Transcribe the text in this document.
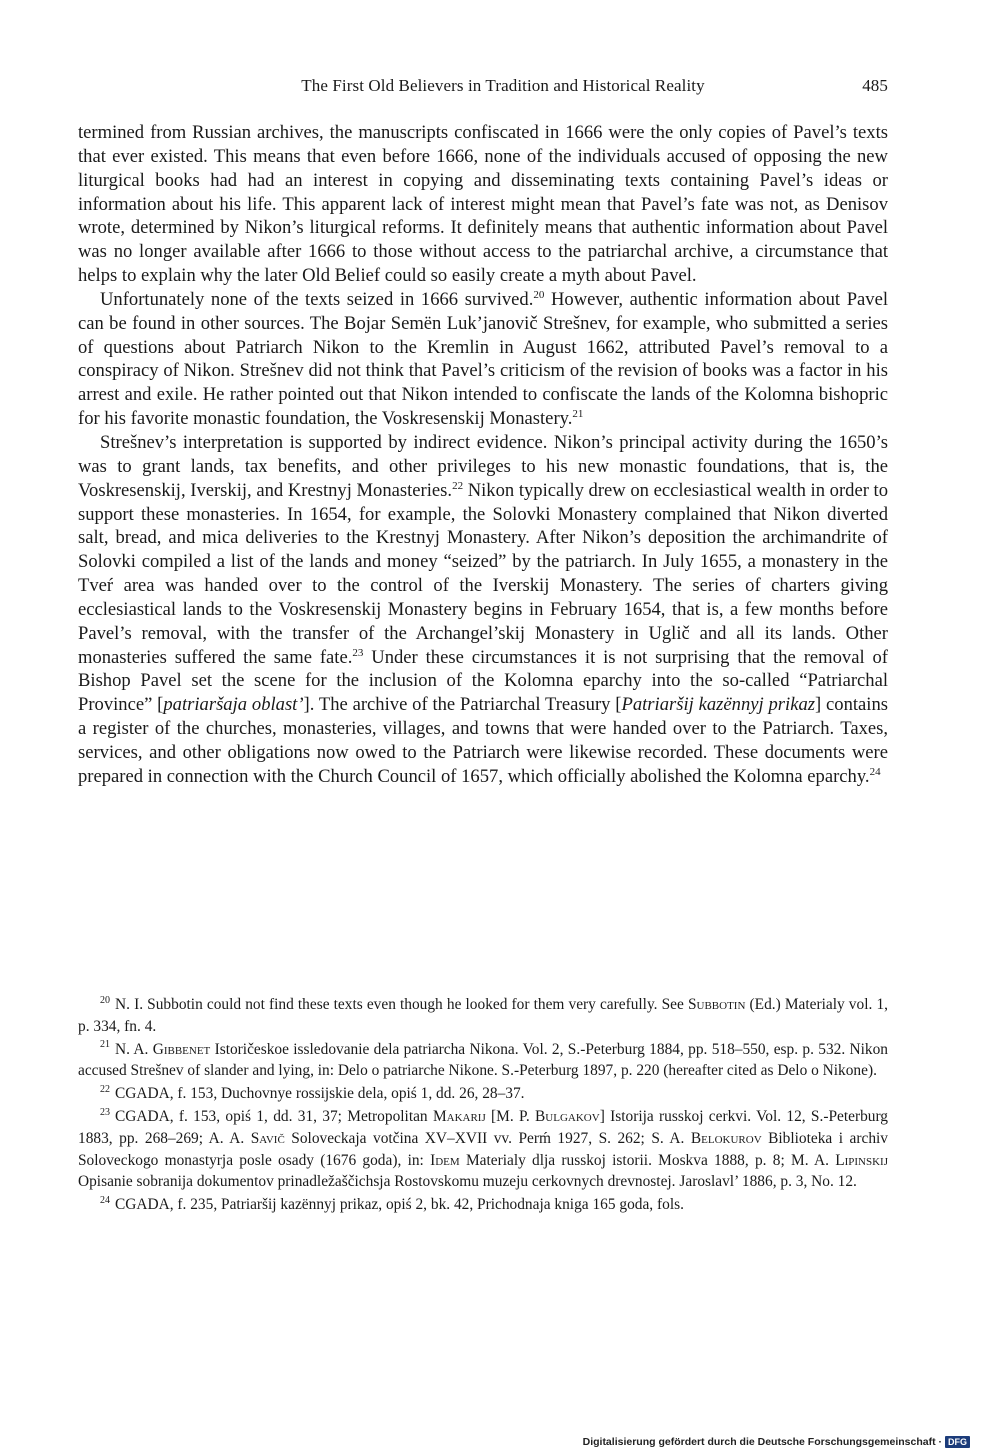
The First Old Believers in Tradition and Historical Reality	485

termined from Russian archives, the manuscripts confiscated in 1666 were the only copies of Pavel’s texts that ever existed. This means that even before 1666, none of the individuals accused of opposing the new liturgical books had had an interest in copying and disseminating texts containing Pavel’s ideas or information about his life. This apparent lack of interest might mean that Pavel’s fate was not, as Denisov wrote, determined by Nikon’s liturgical reforms. It definitely means that authentic information about Pavel was no longer available after 1666 to those without access to the patriarchal archive, a circumstance that helps to explain why the later Old Belief could so easily create a myth about Pavel.

Unfortunately none of the texts seized in 1666 survived.$^{20}$ However, authentic information about Pavel can be found in other sources. The Bojar Semën Luk’janovič Strešnev, for example, who submitted a series of questions about Patriarch Nikon to the Kremlin in August 1662, attributed Pavel’s removal to a conspiracy of Nikon. Strešnev did not think that Pavel’s criticism of the revision of books was a factor in his arrest and exile. He rather pointed out that Nikon intended to confiscate the lands of the Kolomna bishopric for his favorite monastic foundation, the Voskresenskij Monastery.$^{21}$

Strešnev’s interpretation is supported by indirect evidence. Nikon’s principal activity during the 1650’s was to grant lands, tax benefits, and other privileges to his new monastic foundations, that is, the Voskresenskij, Iverskij, and Krestnyj Monasteries.$^{22}$ Nikon typically drew on ecclesiastical wealth in order to support these monasteries. In 1654, for example, the Solovki Monastery complained that Nikon diverted salt, bread, and mica deliveries to the Krestnyj Monastery. After Nikon’s deposition the archimandrite of Solovki compiled a list of the lands and money “seized” by the patriarch. In July 1655, a monastery in the Tveŕ area was handed over to the control of the Iverskij Monastery. The series of charters giving ecclesiastical lands to the Voskresenskij Monastery begins in February 1654, that is, a few months before Pavel’s removal, with the transfer of the Archangel’skij Monastery in Uglič and all its lands. Other monasteries suffered the same fate.$^{23}$ Under these circumstances it is not surprising that the removal of Bishop Pavel set the scene for the inclusion of the Kolomna eparchy into the so-called “Patriarchal Province” [patriaršaja oblast’]. The archive of the Patriarchal Treasury [Patriaršij kazënnyj prikaz] contains a register of the churches, monasteries, villages, and towns that were handed over to the Patriarch. Taxes, services, and other obligations now owed to the Patriarch were likewise recorded. These documents were prepared in connection with the Church Council of 1657, which officially abolished the Kolomna eparchy.$^{24}$

$^{20}$ N. I. Subbotin could not find these texts even though he looked for them very carefully. See Subbotin (Ed.) Materialy vol. 1, p. 334, fn. 4.

$^{21}$ N. A. Gibbenet Istoričeskoe issledovanie dela patriarcha Nikona. Vol. 2, S.-Peterburg 1884, pp. 518–550, esp. p. 532. Nikon accused Strešnev of slander and lying, in: Delo o patriarche Nikone. S.-Peterburg 1897, p. 220 (hereafter cited as Delo o Nikone).

$^{22}$ CGADA, f. 153, Duchovnye rossijskie dela, opiś 1, dd. 26, 28–37.

$^{23}$ CGADA, f. 153, opiś 1, dd. 31, 37; Metropolitan Makarij [M. P. Bulgakov] Istorija russkoj cerkvi. Vol. 12, S.-Peterburg 1883, pp. 268–269; A. A. Savič Soloveckaja votčina XV–XVII vv. Perḿ 1927, S. 262; S. A. Belokurov Biblioteka i archiv Soloveckogo monastyrja posle osady (1676 goda), in: Idem Materialy dlja russkoj istorii. Moskva 1888, p. 8; M. A. Lipinskij Opisanie sobranija dokumentov prinadležaščichsja Rostovskomu muzeju cerkovnych drevnostej. Jaroslavl’ 1886, p. 3, No. 12.

$^{24}$ CGADA, f. 235, Patriaršij kazënnyj prikaz, opiś 2, bk. 42, Prichodnaja kniga 165 goda, fols.

Digitalisierung gefördert durch die Deutsche Forschungsgemeinschaft · DFG
